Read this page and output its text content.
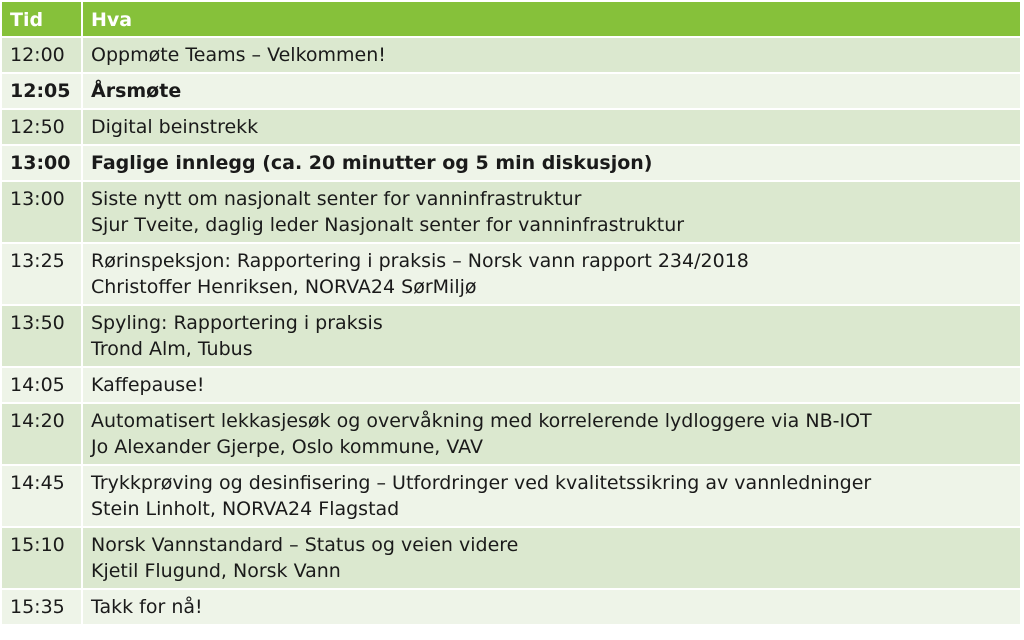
Tid	Hva
12:00	Oppmøte Teams – Velkommen!
12:05	Årsmøte
12:50	Digital beinstrekk
13:00	Faglige innlegg (ca. 20 minutter og 5 min diskusjon)
13:00	Siste nytt om nasjonalt senter for vanninfrastruktur
Sjur Tveite, daglig leder Nasjonalt senter for vanninfrastruktur
13:25	Rørinspeksjon: Rapportering i praksis – Norsk vann rapport 234/2018
Christoffer Henriksen, NORVA24 SørMiljø
13:50	Spyling: Rapportering i praksis
Trond Alm, Tubus
14:05	Kaffepause!
14:20	Automatisert lekkasjesøk og overvåkning med korrelerende lydloggere via NB-IOT
Jo Alexander Gjerpe, Oslo kommune, VAV
14:45	Trykkprøving og desinfisering – Utfordringer ved kvalitetssikring av vannledninger
Stein Linholt, NORVA24 Flagstad
15:10	Norsk Vannstandard – Status og veien videre
Kjetil Flugund, Norsk Vann
15:35	Takk for nå!
